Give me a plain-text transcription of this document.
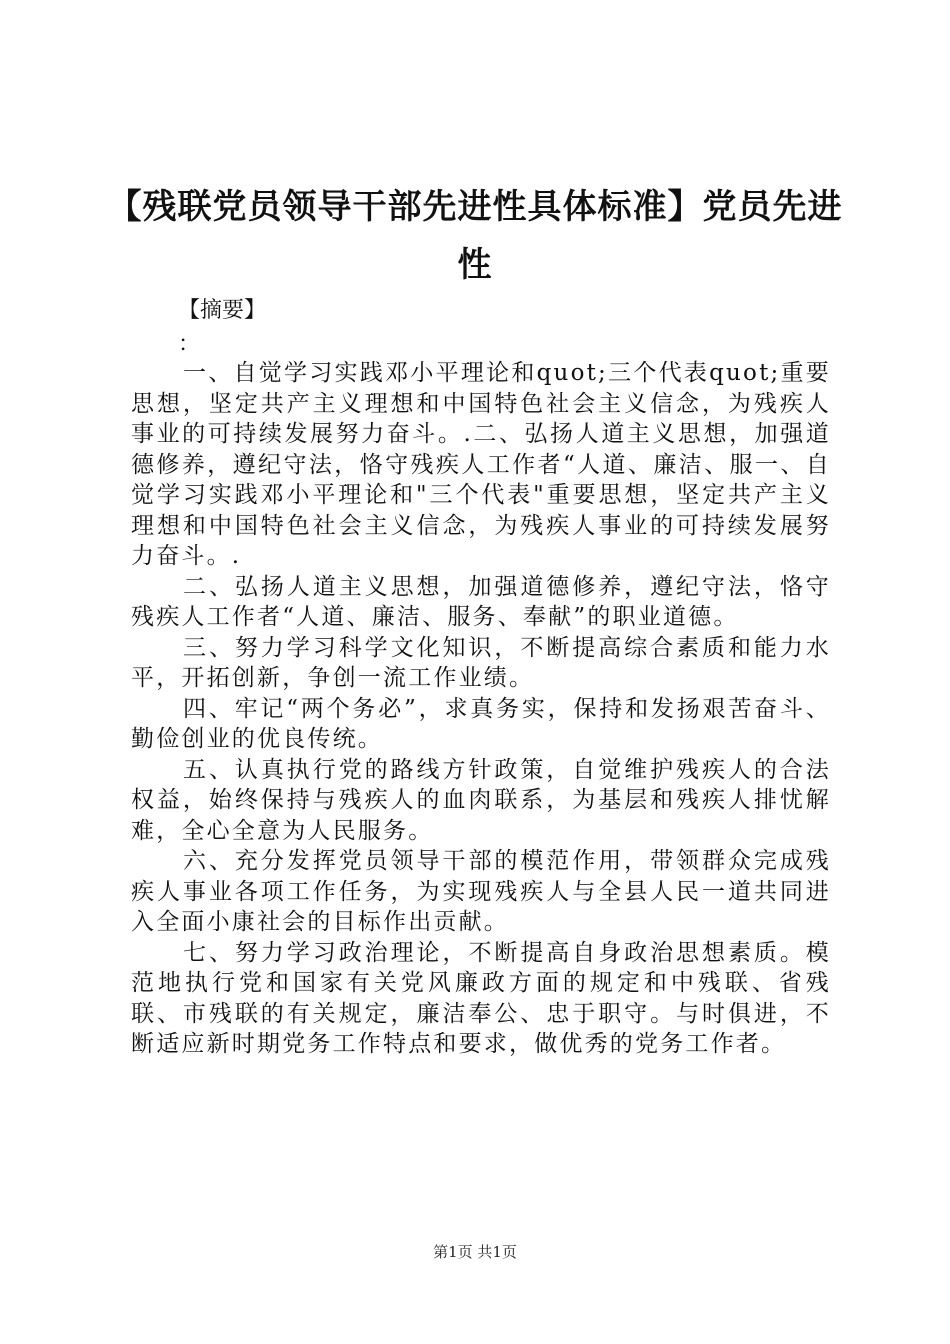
【残联党员领导干部先进性具体标准】党员先进性
【摘要】
：

一、自觉学习实践邓小平理论和quot;三个代表quot;重要思想，坚定共产主义理想和中国特色社会主义信念，为残疾人事业的可持续发展努力奋斗。.二、弘扬人道主义思想，加强道德修养，遵纪守法，恪守残疾人工作者“人道、廉洁、服一、自觉学习实践邓小平理论和"三个代表"重要思想，坚定共产主义理想和中国特色社会主义信念，为残疾人事业的可持续发展努力奋斗。.

二、弘扬人道主义思想，加强道德修养，遵纪守法，恪守残疾人工作者“人道、廉洁、服务、奉献”的职业道德。

三、努力学习科学文化知识，不断提高综合素质和能力水平，开拓创新，争创一流工作业绩。

四、牢记“两个务必”，求真务实，保持和发扬艰苦奋斗、勤俭创业的优良传统。

五、认真执行党的路线方针政策，自觉维护残疾人的合法权益，始终保持与残疾人的血肉联系，为基层和残疾人排忧解难，全心全意为人民服务。

六、充分发挥党员领导干部的模范作用，带领群众完成残疾人事业各项工作任务，为实现残疾人与全县人民一道共同进入全面小康社会的目标作出贡献。

七、努力学习政治理论，不断提高自身政治思想素质。模范地执行党和国家有关党风廉政方面的规定和中残联、省残联、市残联的有关规定，廉洁奉公、忠于职守。与时俱进，不断适应新时期党务工作特点和要求，做优秀的党务工作者。

第1页 共1页
